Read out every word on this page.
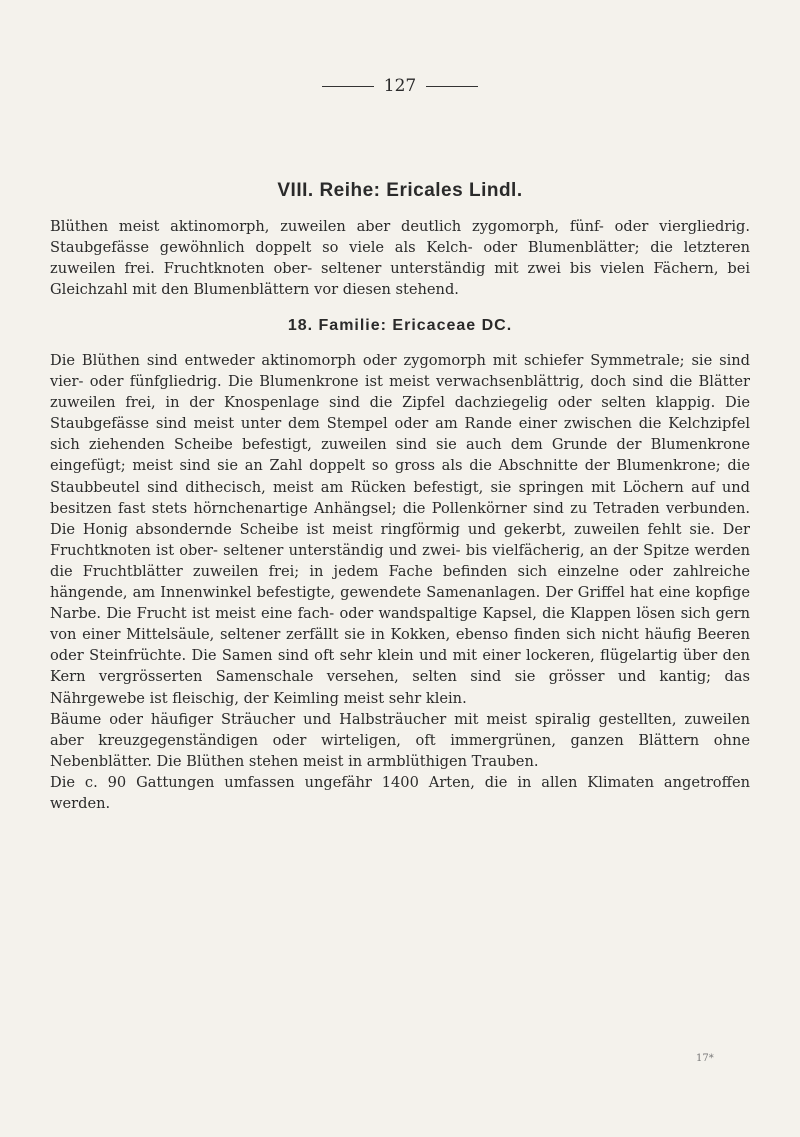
127
VIII. Reihe: Ericales Lindl.
Blüthen meist aktinomorph, zuweilen aber deutlich zygomorph, fünf- oder viergliedrig. Staubgefässe gewöhnlich doppelt so viele als Kelch- oder Blumenblätter; die letzteren zuweilen frei. Fruchtknoten ober- seltener unterständig mit zwei bis vielen Fächern, bei Gleichzahl mit den Blumenblättern vor diesen stehend.
18. Familie: Ericaceae DC.

Die Blüthen sind entweder aktinomorph oder zygomorph mit schiefer Symmetrale; sie sind vier- oder fünfgliedrig. Die Blumenkrone ist meist verwachsenblättrig, doch sind die Blätter zuweilen frei, in der Knospenlage sind die Zipfel dachziegelig oder selten klappig. Die Staubgefässe sind meist unter dem Stempel oder am Rande einer zwischen die Kelchzipfel sich ziehenden Scheibe befestigt, zuweilen sind sie auch dem Grunde der Blumenkrone eingefügt; meist sind sie an Zahl doppelt so gross als die Abschnitte der Blumenkrone; die Staubbeutel sind dithecisch, meist am Rücken befestigt, sie springen mit Löchern auf und besitzen fast stets hörnchenartige Anhängsel; die Pollenkörner sind zu Tetraden verbunden. Die Honig absondernde Scheibe ist meist ringförmig und gekerbt, zuweilen fehlt sie. Der Fruchtknoten ist ober- seltener unterständig und zwei- bis vielfächerig, an der Spitze werden die Fruchtblätter zuweilen frei; in jedem Fache befinden sich einzelne oder zahlreiche hängende, am Innenwinkel befestigte, gewendete Samenanlagen. Der Griffel hat eine kopfige Narbe. Die Frucht ist meist eine fach- oder wandspaltige Kapsel, die Klappen lösen sich gern von einer Mittelsäule, seltener zerfällt sie in Kokken, ebenso finden sich nicht häufig Beeren oder Steinfrüchte. Die Samen sind oft sehr klein und mit einer lockeren, flügelartig über den Kern vergrösserten Samenschale versehen, selten sind sie grösser und kantig; das Nährgewebe ist fleischig, der Keimling meist sehr klein.

Bäume oder häufiger Sträucher und Halbsträucher mit meist spiralig gestellten, zuweilen aber kreuzgegenständigen oder wirteligen, oft immergrünen, ganzen Blättern ohne Nebenblätter. Die Blüthen stehen meist in armblüthigen Trauben.

Die c. 90 Gattungen umfassen ungefähr 1400 Arten, die in allen Klimaten angetroffen werden.

17*
